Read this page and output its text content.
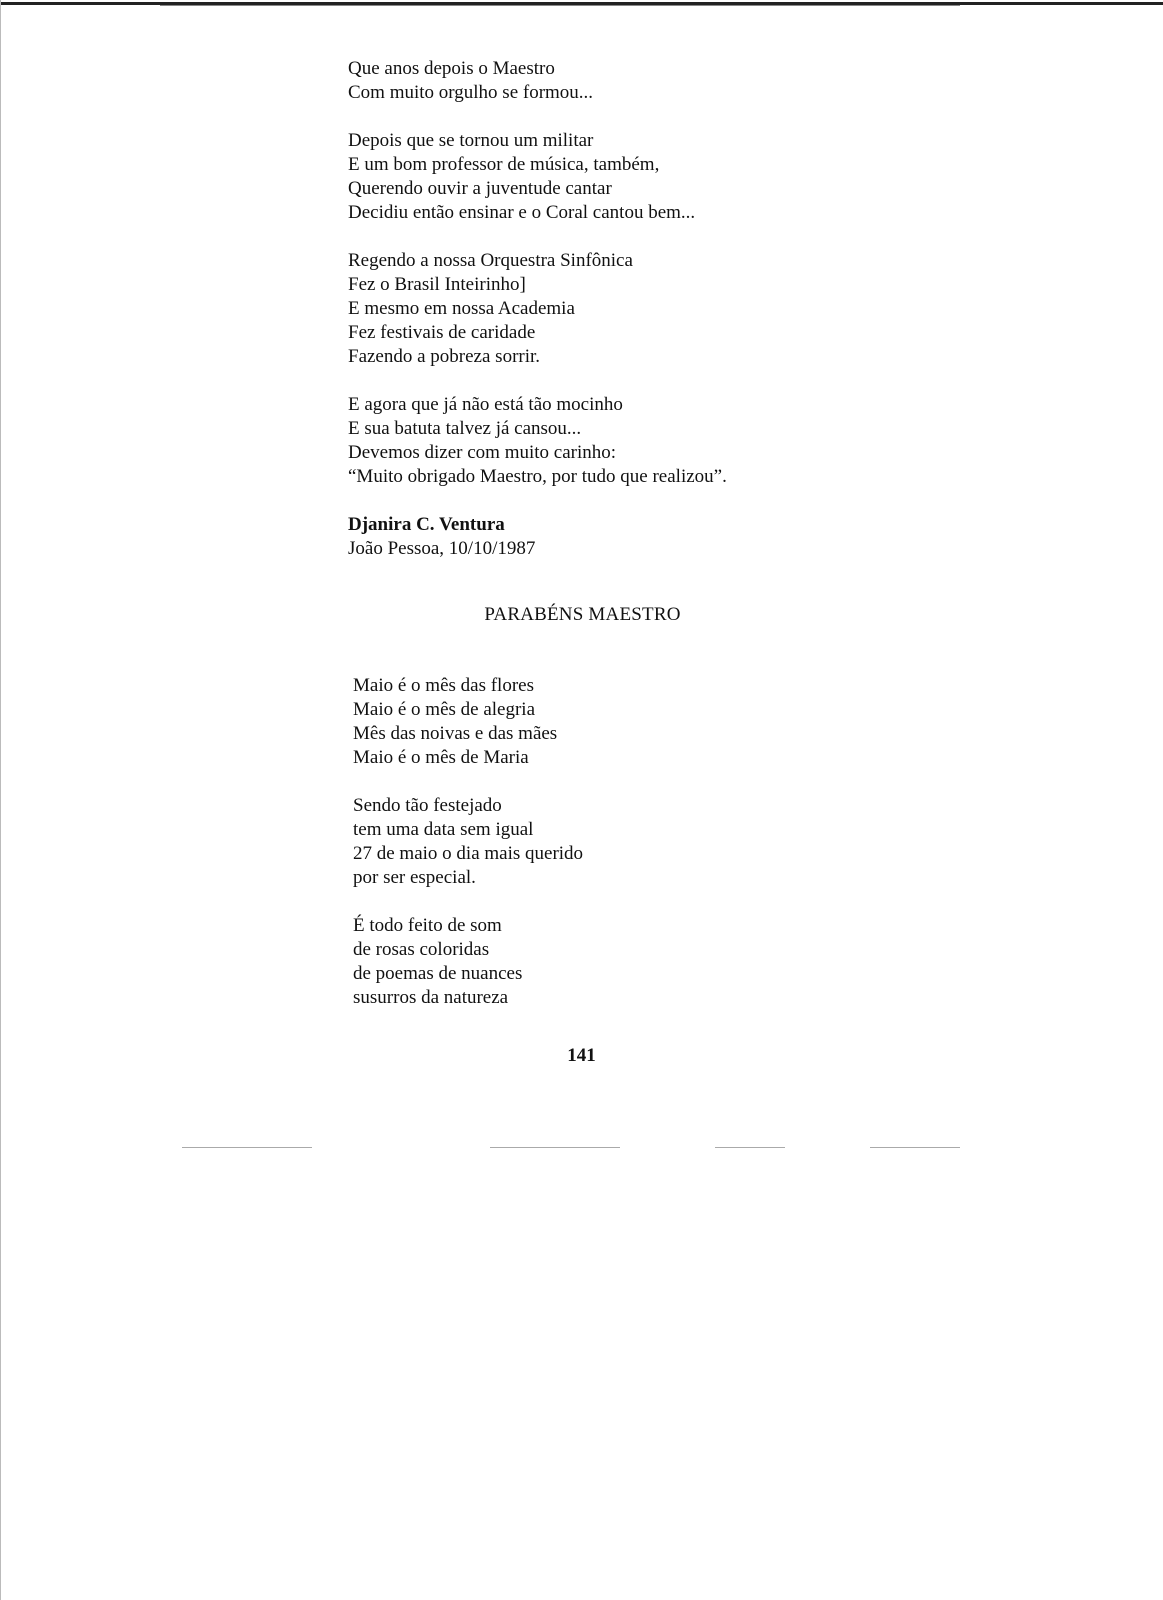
Que anos depois o Maestro
Com muito orgulho se formou...
Depois que se tornou um militar
E um bom professor de música, também,
Querendo ouvir a juventude cantar
Decidiu então ensinar e o Coral cantou bem...
Regendo a nossa Orquestra Sinfônica
Fez o Brasil Inteirinho]
E mesmo em nossa Academia
Fez festivais de caridade
Fazendo a pobreza sorrir.
E agora que já não está tão mocinho
E sua batuta talvez já cansou...
Devemos dizer com muito carinho:
“Muito obrigado Maestro, por tudo que realizou”.
Djanira C. Ventura
João Pessoa, 10/10/1987
PARABÉNS MAESTRO
Maio é o mês das flores
Maio é o mês de alegria
Mês das noivas e das mães
Maio é o mês de Maria
Sendo tão festejado
tem uma data sem igual
27 de maio o dia mais querido
por ser especial.
É todo feito de som
de rosas coloridas
de poemas de nuances
susurros da natureza
141
